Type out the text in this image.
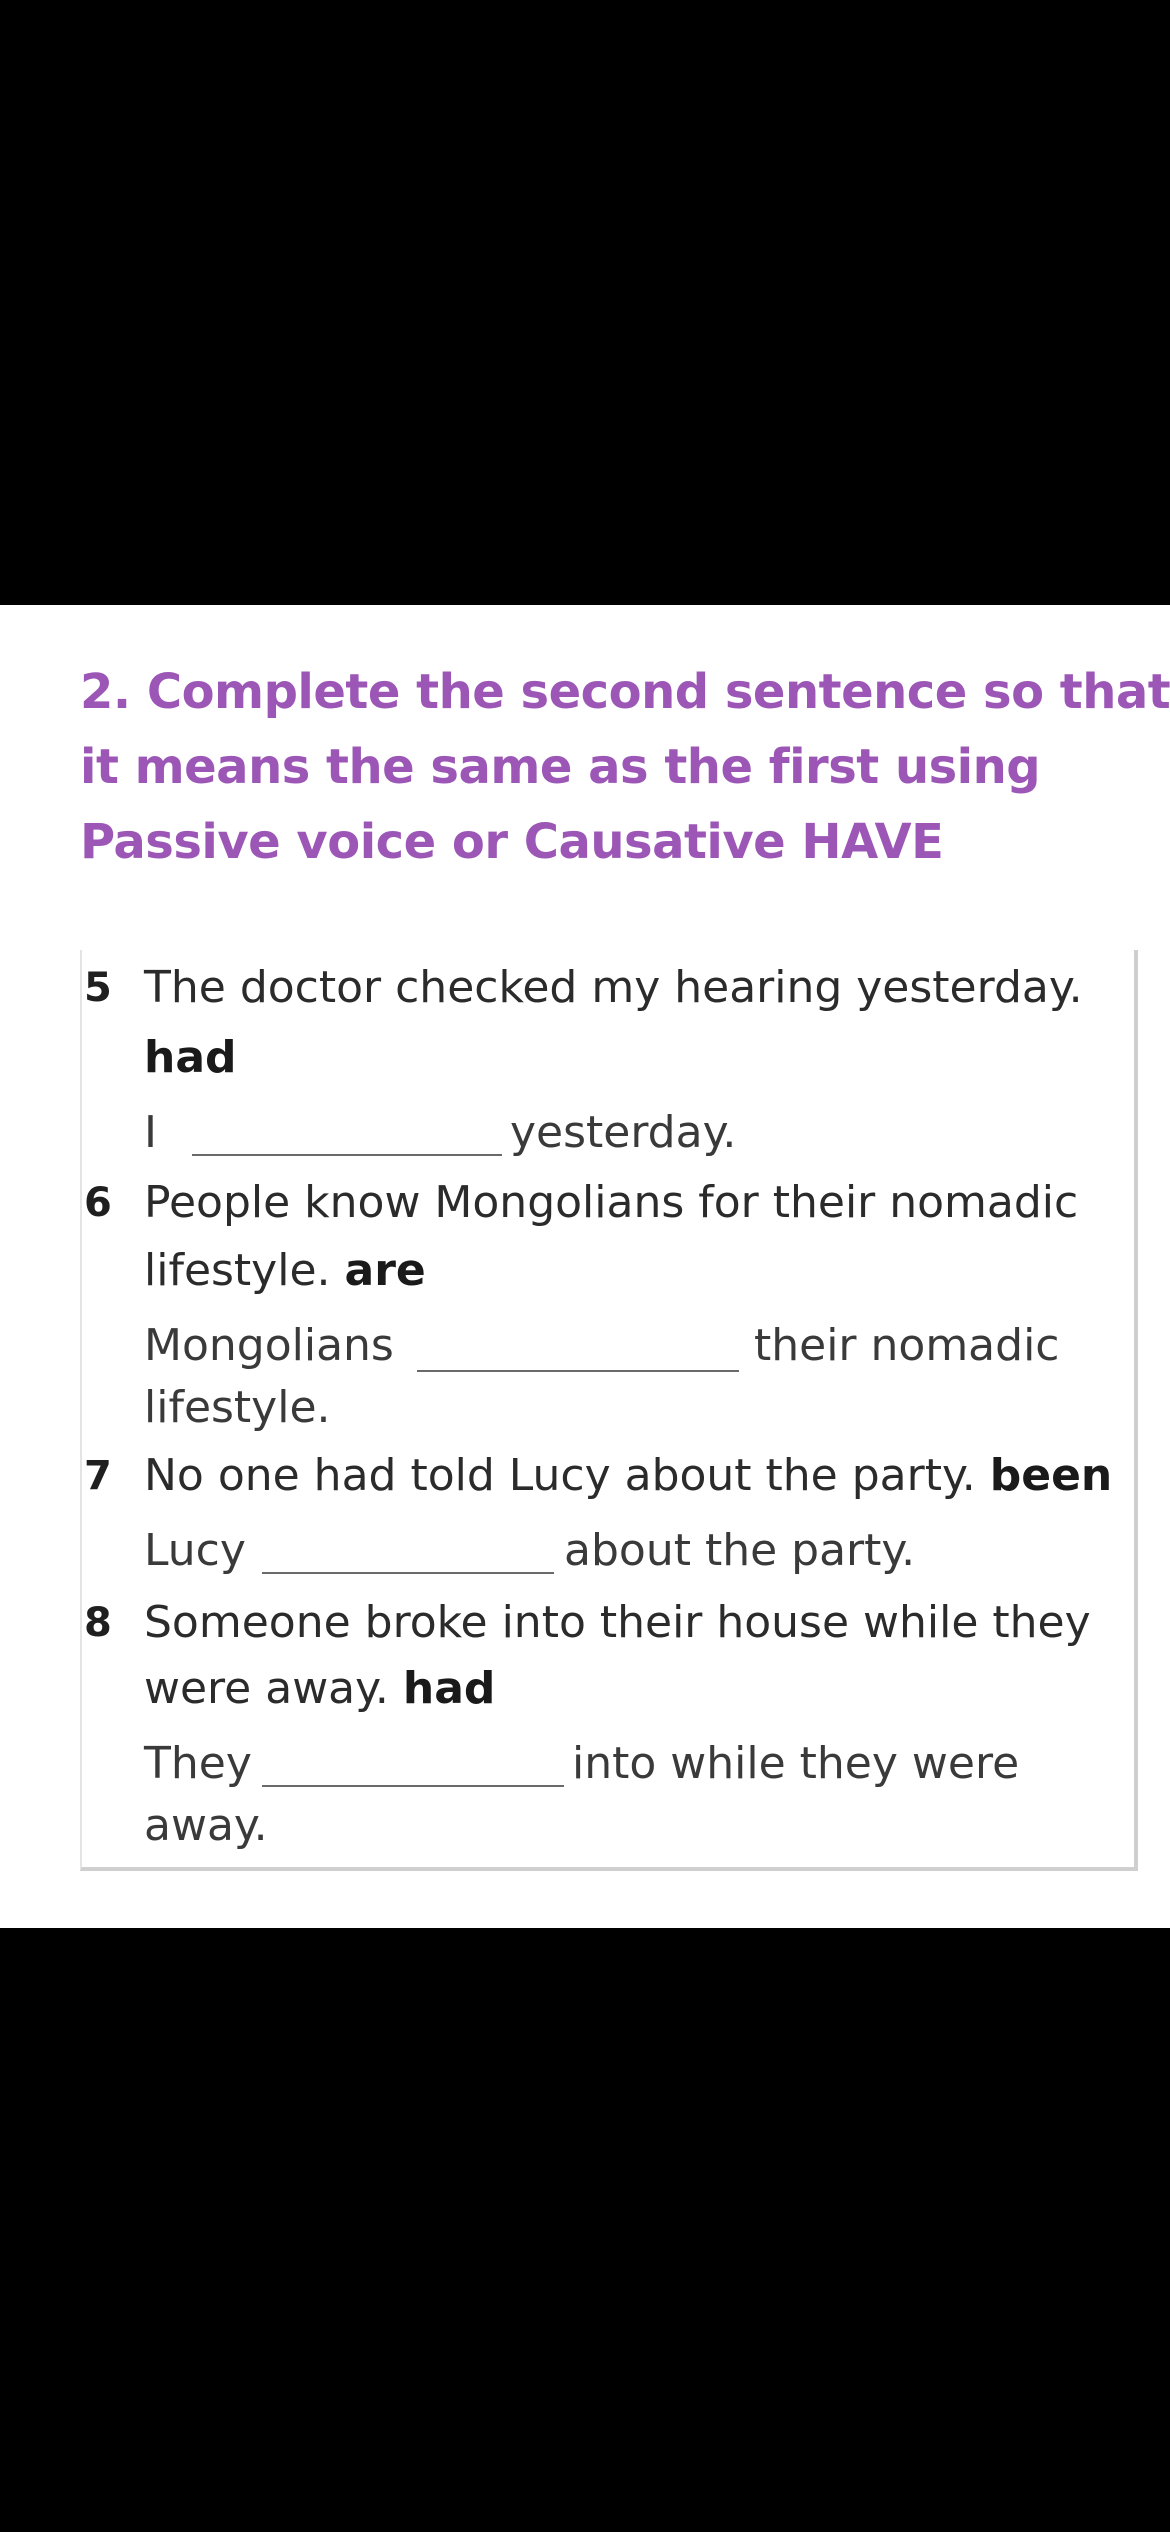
2. Complete the second sentence so that
it means the same as the first using
Passive voice or Causative HAVE
5 The doctor checked my hearing yesterday.
had
I	yesterday.
6 People know Mongolians for their nomadic
lifestyle. are
Mongolians	their nomadic
lifestyle.
7 No one had told Lucy about the party. been
Lucy	about the party.
8 Someone broke into their house while they
were away. had
They	into while they were
away.
